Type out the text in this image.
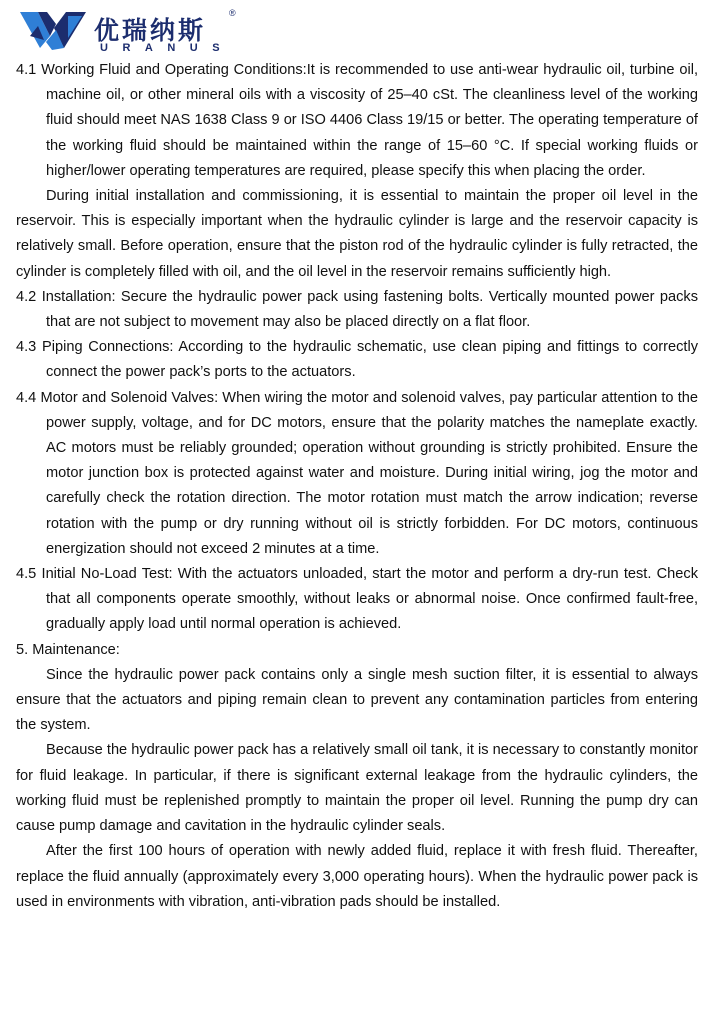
优瑞纳斯
®
URANUS

4.1 Working Fluid and Operating Conditions:It is recommended to use anti-wear hydraulic oil, turbine oil, machine oil, or other mineral oils with a viscosity of 25–40 cSt. The cleanliness level of the working fluid should meet NAS 1638 Class 9 or ISO 4406 Class 19/15 or better. The operating temperature of the working fluid should be maintained within the range of 15–60 °C. If special working fluids or higher/lower operating temperatures are required, please specify this when placing the order.

During initial installation and commissioning, it is essential to maintain the proper oil level in the reservoir. This is especially important when the hydraulic cylinder is large and the reservoir capacity is relatively small. Before operation, ensure that the piston rod of the hydraulic cylinder is fully retracted, the cylinder is completely filled with oil, and the oil level in the reservoir remains sufficiently high.

4.2 Installation: Secure the hydraulic power pack using fastening bolts. Vertically mounted power packs that are not subject to movement may also be placed directly on a flat floor.

4.3 Piping Connections: According to the hydraulic schematic, use clean piping and fittings to correctly connect the power pack’s ports to the actuators.

4.4 Motor and Solenoid Valves: When wiring the motor and solenoid valves, pay particular attention to the power supply, voltage, and for DC motors, ensure that the polarity matches the nameplate exactly. AC motors must be reliably grounded; operation without grounding is strictly prohibited. Ensure the motor junction box is protected against water and moisture. During initial wiring, jog the motor and carefully check the rotation direction. The motor rotation must match the arrow indication; reverse rotation with the pump or dry running without oil is strictly forbidden. For DC motors, continuous energization should not exceed 2 minutes at a time.

4.5 Initial No-Load Test: With the actuators unloaded, start the motor and perform a dry-run test. Check that all components operate smoothly, without leaks or abnormal noise. Once confirmed fault-free, gradually apply load until normal operation is achieved.

5. Maintenance:

Since the hydraulic power pack contains only a single mesh suction filter, it is essential to always ensure that the actuators and piping remain clean to prevent any contamination particles from entering the system.

Because the hydraulic power pack has a relatively small oil tank, it is necessary to constantly monitor for fluid leakage. In particular, if there is significant external leakage from the hydraulic cylinders, the working fluid must be replenished promptly to maintain the proper oil level. Running the pump dry can cause pump damage and cavitation in the hydraulic cylinder seals.

After the first 100 hours of operation with newly added fluid, replace it with fresh fluid. Thereafter, replace the fluid annually (approximately every 3,000 operating hours). When the hydraulic power pack is used in environments with vibration, anti-vibration pads should be installed.
